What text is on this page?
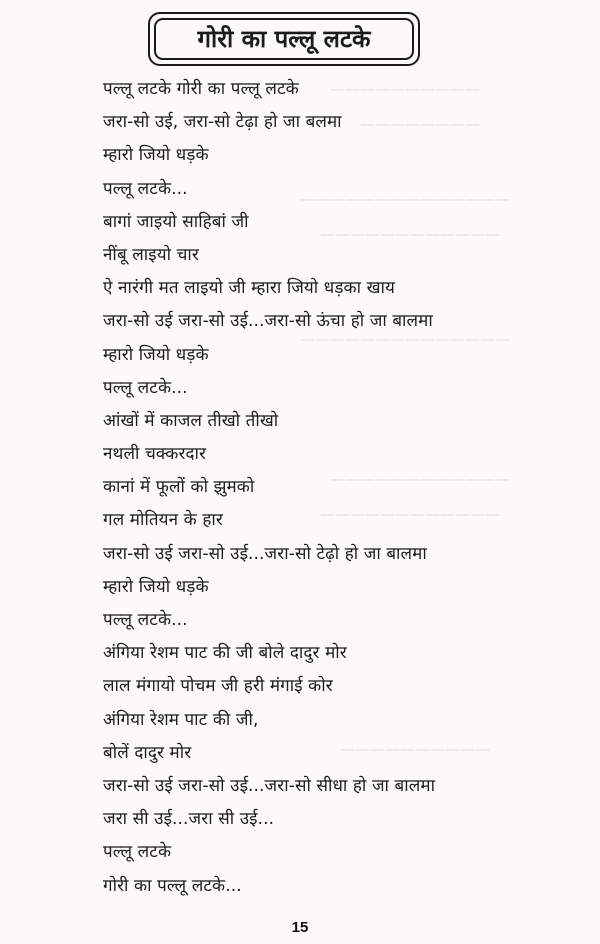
——————————
————————
——————————————
————————————
——————————————
————————————
————————————
——————————
गोरी का पल्लू लटके
पल्लू लटके गोरी का पल्लू लटके
जरा-सो उई, जरा-सो टेढ़ा हो जा बलमा
म्हारो जियो धड़के
पल्लू लटके...
बागां जाइयो साहिबां जी
नींबू लाइयो चार
ऐ नारंगी मत लाइयो जी म्हारा जियो धड़का खाय
जरा-सो उई जरा-सो उई...जरा-सो ऊंचा हो जा बालमा
म्हारो जियो धड़के
पल्लू लटके...
आंखों में काजल तीखो तीखो
नथली चक्करदार
कानां में फूलों को झुमको
गल मोतियन के हार
जरा-सो उई जरा-सो उई...जरा-सो टेढ़ो हो जा बालमा
म्हारो जियो धड़के
पल्लू लटके...
अंगिया रेशम पाट की जी बोले दादुर मोर
लाल मंगायो पोचम जी हरी मंगाई कोर
अंगिया रेशम पाट की जी,
बोलें दादुर मोर
जरा-सो उई जरा-सो उई...जरा-सो सीधा हो जा बालमा
जरा सी उई...जरा सी उई...
पल्लू लटके
गोरी का पल्लू लटके...
15
